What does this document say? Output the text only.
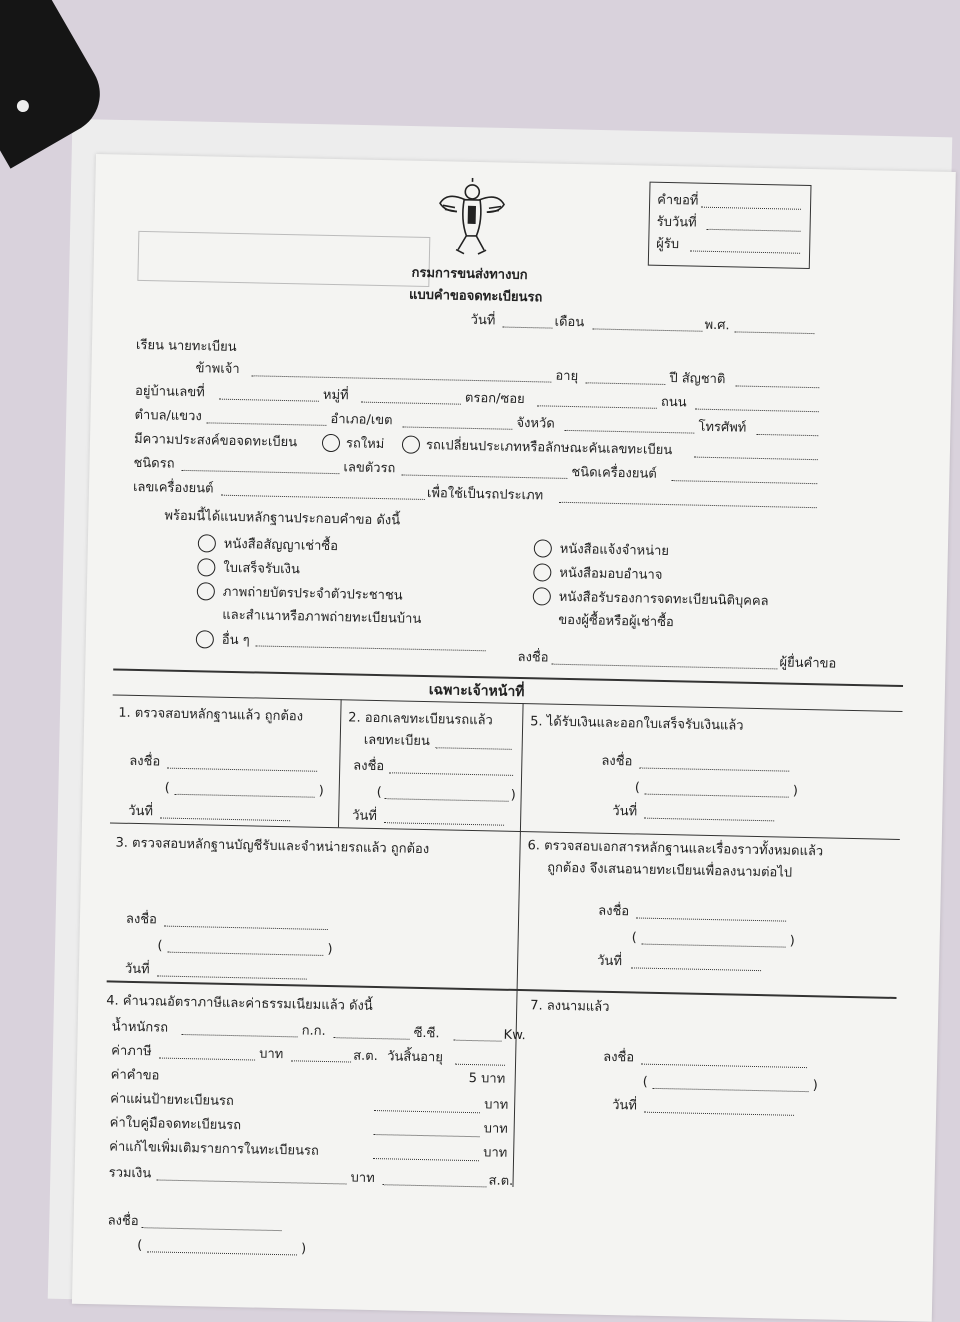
คำขอที่
รับวันที่
ผู้รับ
กรมการขนส่งทางบก
แบบคำขอจดทะเบียนรถ
วันที่	เดือน	พ.ศ.
เรียน นายทะเบียน
ข้าพเจ้า	อายุ	ปี สัญชาติ
อยู่บ้านเลขที่	หมู่ที่	ตรอก/ซอย	ถนน
ตำบล/แขวง	อำเภอ/เขต	จังหวัด	โทรศัพท์
มีความประสงค์ขอจดทะเบียน	รถใหม่	รถเปลี่ยนประเภทหรือลักษณะคันเลขทะเบียน
ชนิดรถ	เลขตัวรถ	ชนิดเครื่องยนต์
เลขเครื่องยนต์	เพื่อใช้เป็นรถประเภท
พร้อมนี้ได้แนบหลักฐานประกอบคำขอ ดังนี้
หนังสือสัญญาเช่าซื้อ
ใบเสร็จรับเงิน
ภาพถ่ายบัตรประจำตัวประชาชน
และสำเนาหรือภาพถ่ายทะเบียนบ้าน
อื่น ๆ
หนังสือแจ้งจำหน่าย
หนังสือมอบอำนาจ
หนังสือรับรองการจดทะเบียนนิติบุคคล
ของผู้ซื้อหรือผู้เช่าซื้อ
ลงชื่อ	ผู้ยื่นคำขอ
เฉพาะเจ้าหน้าที่
1. ตรวจสอบหลักฐานแล้ว ถูกต้อง
ลงชื่อ
(	)
วันที่
2. ออกเลขทะเบียนรถแล้ว
เลขทะเบียน
ลงชื่อ
(	)
วันที่
5. ได้รับเงินและออกใบเสร็จรับเงินแล้ว
ลงชื่อ
(	)
วันที่
3. ตรวจสอบหลักฐานบัญชีรับและจำหน่ายรถแล้ว ถูกต้อง
ลงชื่อ
(	)
วันที่
6. ตรวจสอบเอกสารหลักฐานและเรื่องราวทั้งหมดแล้ว
ถูกต้อง จึงเสนอนายทะเบียนเพื่อลงนามต่อไป
ลงชื่อ
(	)
วันที่
4. คำนวณอัตราภาษีและค่าธรรมเนียมแล้ว ดังนี้
น้ำหนักรถ	ก.ก.	ซี.ซี.	Kw.
ค่าภาษี	บาท	ส.ต. วันสิ้นอายุ
ค่าคำขอ	5 บาท
ค่าแผ่นป้ายทะเบียนรถ	บาท
ค่าใบคู่มือจดทะเบียนรถ	บาท
ค่าแก้ไขเพิ่มเติมรายการในทะเบียนรถ	บาท
รวมเงิน	บาท	ส.ต.
ลงชื่อ
(	)
7. ลงนามแล้ว
ลงชื่อ
(	)
วันที่
